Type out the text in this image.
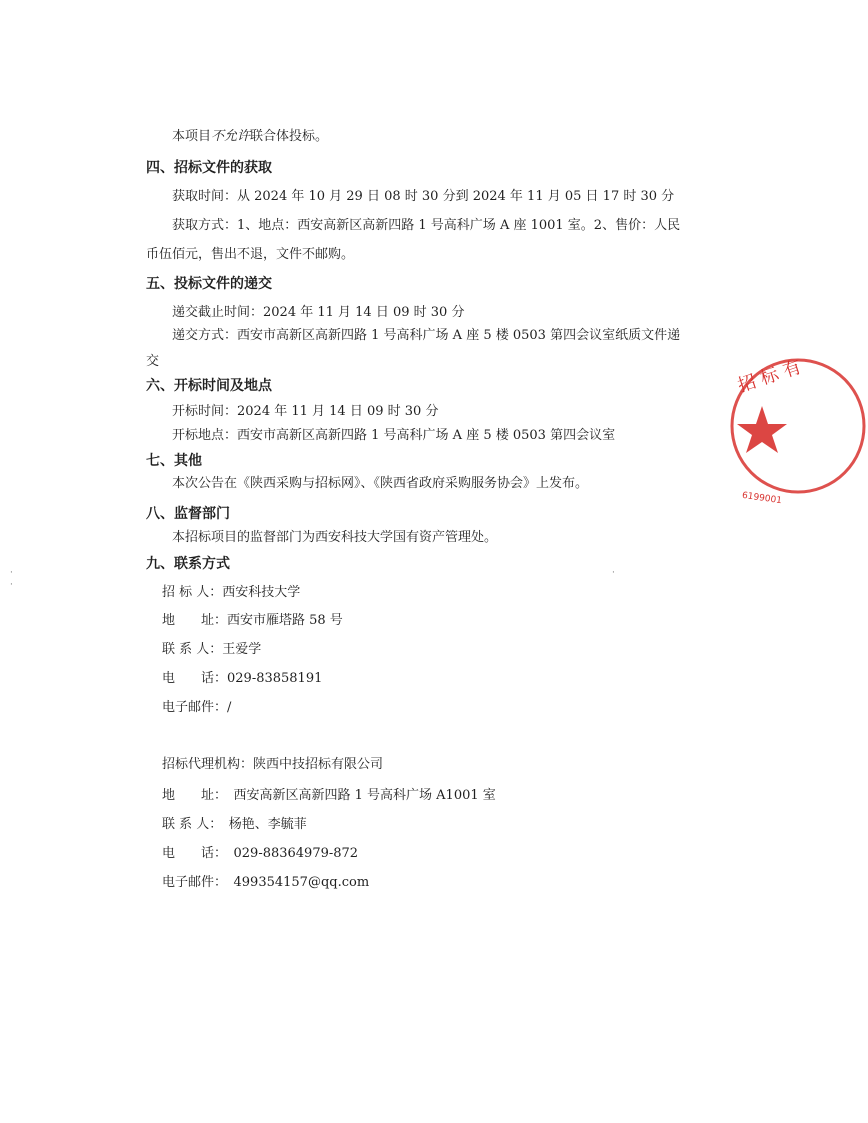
本项目不允许联合体投标。
四、招标文件的获取
获取时间：从 2024 年 10 月 29 日 08 时 30 分到 2024 年 11 月 05 日 17 时 30 分
获取方式：1、地点：西安高新区高新四路 1 号高科广场 A 座 1001 室。2、售价：人民
币伍佰元，售出不退，文件不邮购。
五、投标文件的递交
递交截止时间：2024 年 11 月 14 日 09 时 30 分
递交方式：西安市高新区高新四路 1 号高科广场 A 座 5 楼 0503 第四会议室纸质文件递
交
六、开标时间及地点
开标时间：2024 年 11 月 14 日 09 时 30 分
开标地点：西安市高新区高新四路 1 号高科广场 A 座 5 楼 0503 第四会议室
七、其他
本次公告在《陕西采购与招标网》、《陕西省政府采购服务协会》上发布。
八、监督部门
本招标项目的监督部门为西安科技大学国有资产管理处。
九、联系方式
招 标 人：西安科技大学
地　　址：西安市雁塔路 58 号
联 系 人：王爱学
电　　话：029-83858191
电子邮件：/
招标代理机构：陕西中技招标有限公司
地　　址：　西安高新区高新四路 1 号高科广场 A1001 室
联 系 人：　杨艳、李毓菲
电　　话：　029-88364979-872
电子邮件：　499354157@qq.com
·
·
·
招 标 有
6199001
